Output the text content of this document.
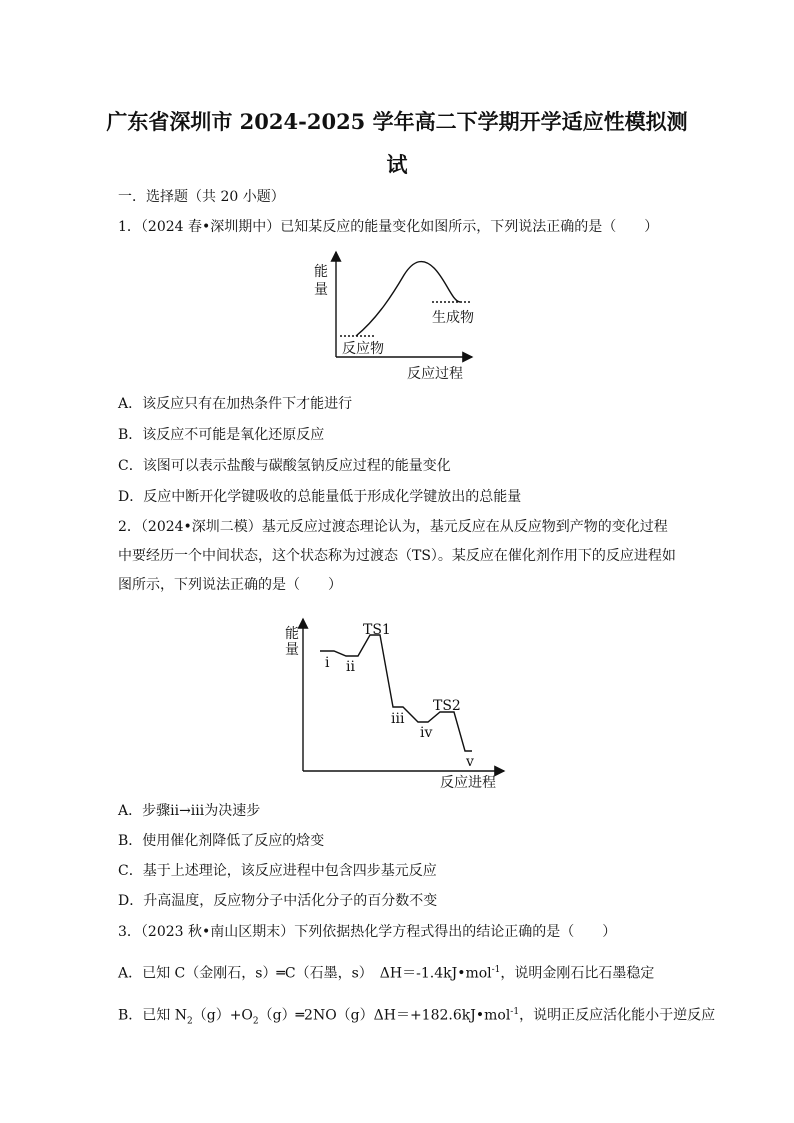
广东省深圳市 2024-2025 学年高二下学期开学适应性模拟测试
一．选择题（共 20 小题）
1．（2024 春•深圳期中）已知某反应的能量变化如图所示，下列说法正确的是（　　）
能
量
生成物
反应物
反应过程
A．该反应只有在加热条件下才能进行
B．该反应不可能是氧化还原反应
C．该图可以表示盐酸与碳酸氢钠反应过程的能量变化
D．反应中断开化学键吸收的总能量低于形成化学键放出的总能量
2．（2024•深圳二模）基元反应过渡态理论认为，基元反应在从反应物到产物的变化过程中要经历一个中间状态，这个状态称为过渡态（TS）。某反应在催化剂作用下的反应进程如图所示，下列说法正确的是（　　）
能
量
i ii
TS1
iii
iv
TS2
v
反应进程
A．步骤ⅱ→ⅲ为决速步
B．使用催化剂降低了反应的焓变
C．基于上述理论，该反应进程中包含四步基元反应
D．升高温度，反应物分子中活化分子的百分数不变
3．（2023 秋•南山区期末）下列依据热化学方程式得出的结论正确的是（　　）
A．已知 C（金刚石，s）═C（石墨，s）　ΔH＝-1.4kJ•mol$^{-1}$，说明金刚石比石墨稳定
B．已知 $N_2(g)+O_2(g)═2NO(g)\Delta H=+182.6kJ•mol^{-1}$，说明正反应活化能小于逆反应
